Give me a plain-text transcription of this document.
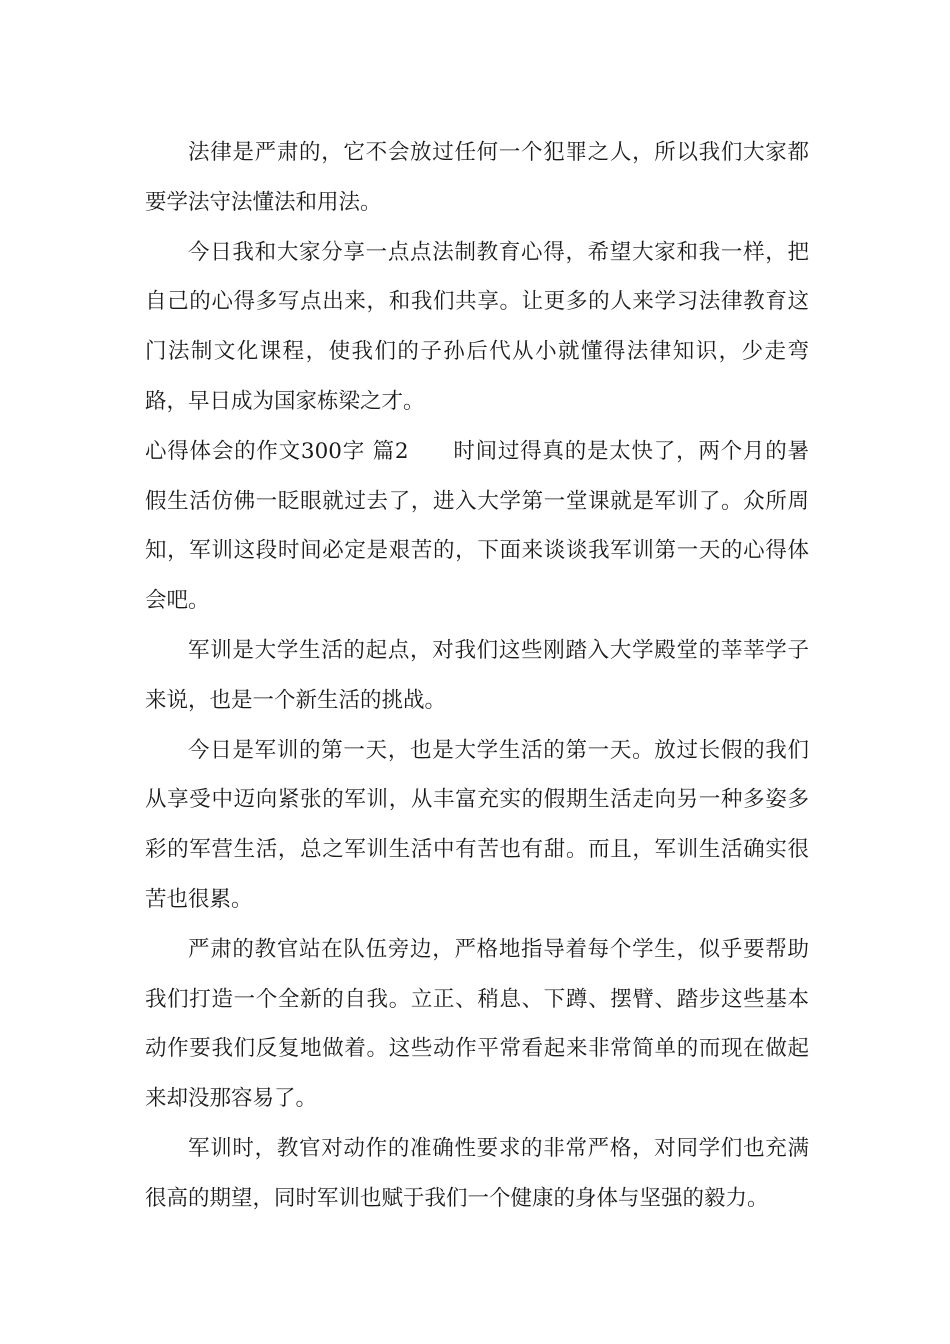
法律是严肃的，它不会放过任何一个犯罪之人，所以我们大家都要学法守法懂法和用法。

今日我和大家分享一点点法制教育心得，希望大家和我一样，把自己的心得多写点出来，和我们共享。让更多的人来学习法律教育这门法制文化课程，使我们的子孙后代从小就懂得法律知识，少走弯路，早日成为国家栋梁之才。

心得体会的作文300字 篇2 时间过得真的是太快了，两个月的暑假生活仿佛一眨眼就过去了，进入大学第一堂课就是军训了。众所周知，军训这段时间必定是艰苦的，下面来谈谈我军训第一天的心得体会吧。

军训是大学生活的起点，对我们这些刚踏入大学殿堂的莘莘学子来说，也是一个新生活的挑战。

今日是军训的第一天，也是大学生活的第一天。放过长假的我们从享受中迈向紧张的军训，从丰富充实的假期生活走向另一种多姿多彩的军营生活，总之军训生活中有苦也有甜。而且，军训生活确实很苦也很累。

严肃的教官站在队伍旁边，严格地指导着每个学生，似乎要帮助我们打造一个全新的自我。立正、稍息、下蹲、摆臂、踏步这些基本动作要我们反复地做着。这些动作平常看起来非常简单的而现在做起来却没那容易了。

军训时，教官对动作的准确性要求的非常严格，对同学们也充满很高的期望，同时军训也赋于我们一个健康的身体与坚强的毅力。
